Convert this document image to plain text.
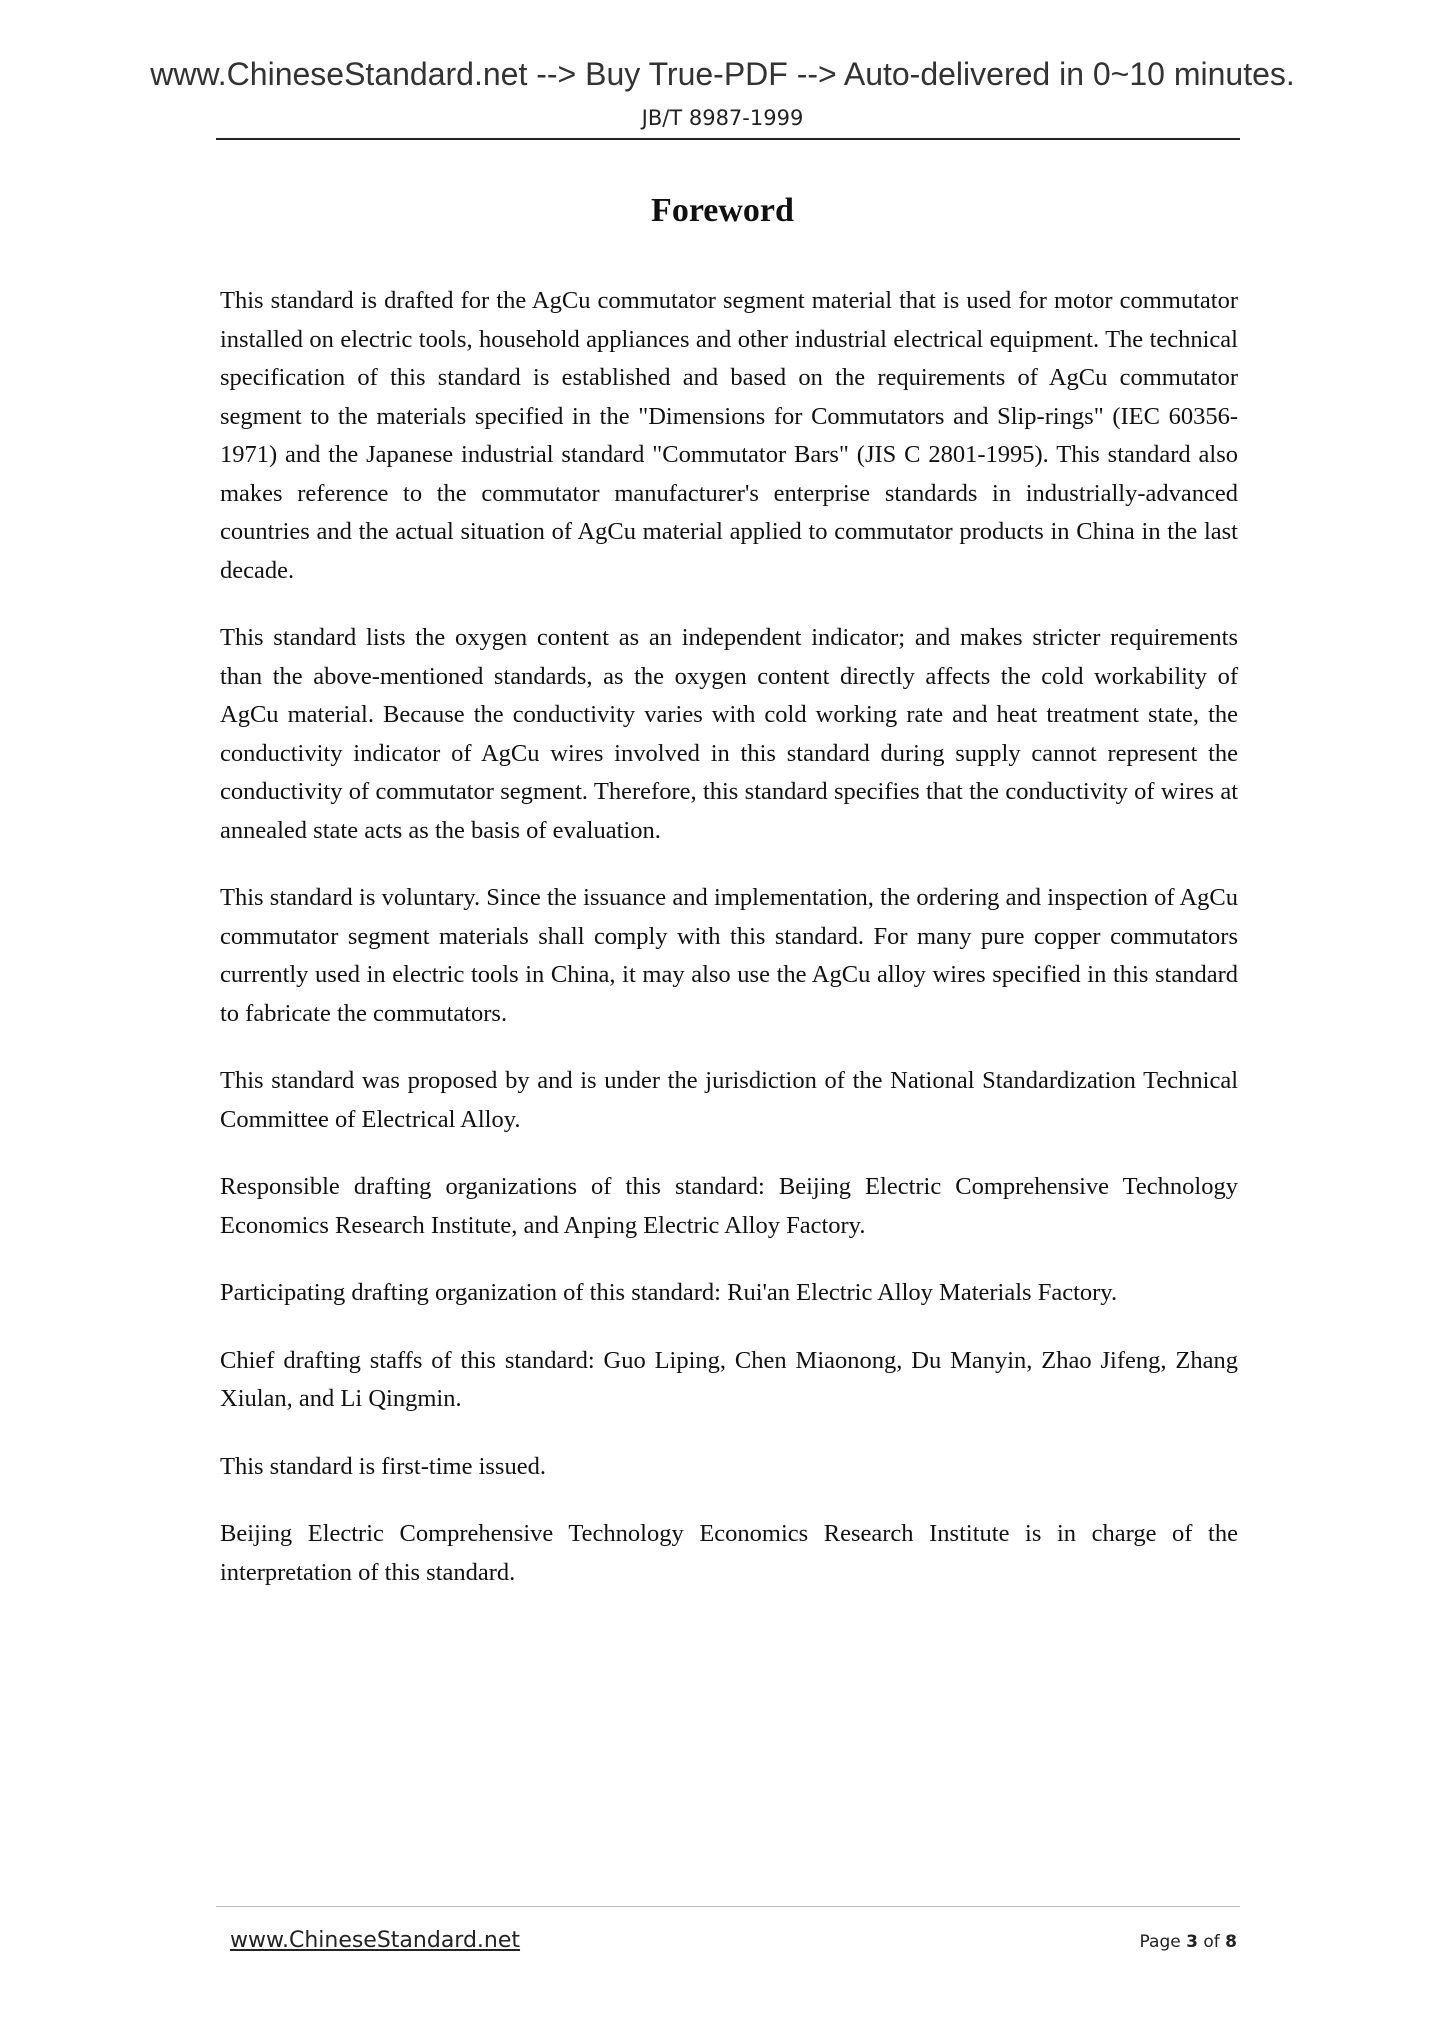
www.ChineseStandard.net --> Buy True-PDF --> Auto-delivered in 0~10 minutes.
JB/T 8987-1999
Foreword

This standard is drafted for the AgCu commutator segment material that is used for motor commutator installed on electric tools, household appliances and other industrial electrical equipment. The technical specification of this standard is established and based on the requirements of AgCu commutator segment to the materials specified in the "Dimensions for Commutators and Slip-rings" (IEC 60356-1971) and the Japanese industrial standard "Commutator Bars" (JIS C 2801-1995). This standard also makes reference to the commutator manufacturer's enterprise standards in industrially-advanced countries and the actual situation of AgCu material applied to commutator products in China in the last decade.

This standard lists the oxygen content as an independent indicator; and makes stricter requirements than the above-mentioned standards, as the oxygen content directly affects the cold workability of AgCu material. Because the conductivity varies with cold working rate and heat treatment state, the conductivity indicator of AgCu wires involved in this standard during supply cannot represent the conductivity of commutator segment. Therefore, this standard specifies that the conductivity of wires at annealed state acts as the basis of evaluation.

This standard is voluntary. Since the issuance and implementation, the ordering and inspection of AgCu commutator segment materials shall comply with this standard. For many pure copper commutators currently used in electric tools in China, it may also use the AgCu alloy wires specified in this standard to fabricate the commutators.

This standard was proposed by and is under the jurisdiction of the National Standardization Technical Committee of Electrical Alloy.

Responsible drafting organizations of this standard: Beijing Electric Comprehensive Technology Economics Research Institute, and Anping Electric Alloy Factory.

Participating drafting organization of this standard: Rui'an Electric Alloy Materials Factory.

Chief drafting staffs of this standard: Guo Liping, Chen Miaonong, Du Manyin, Zhao Jifeng, Zhang Xiulan, and Li Qingmin.

This standard is first-time issued.

Beijing Electric Comprehensive Technology Economics Research Institute is in charge of the interpretation of this standard.

www.ChineseStandard.net	Page 3 of 8
